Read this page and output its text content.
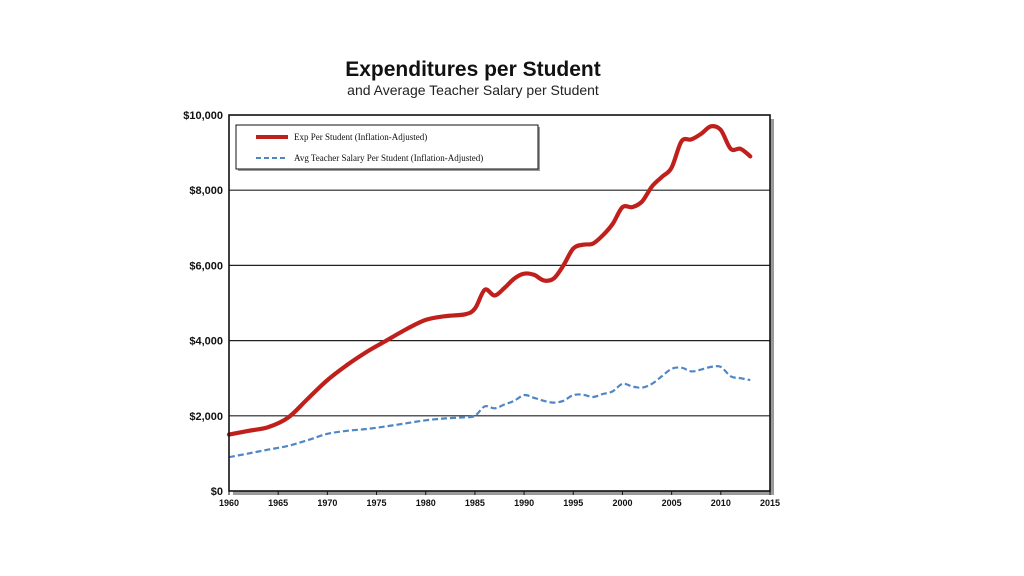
Expenditures per Student
and Average Teacher Salary per Student
$0
$2,000
$4,000
$6,000
$8,000
$10,000
1960	1965	1970	1975	1980	1985	1990	1995	2000	2005	2010	2015
Exp Per Student (Inflation-Adjusted)
Avg Teacher Salary Per Student (Inflation-Adjusted)
